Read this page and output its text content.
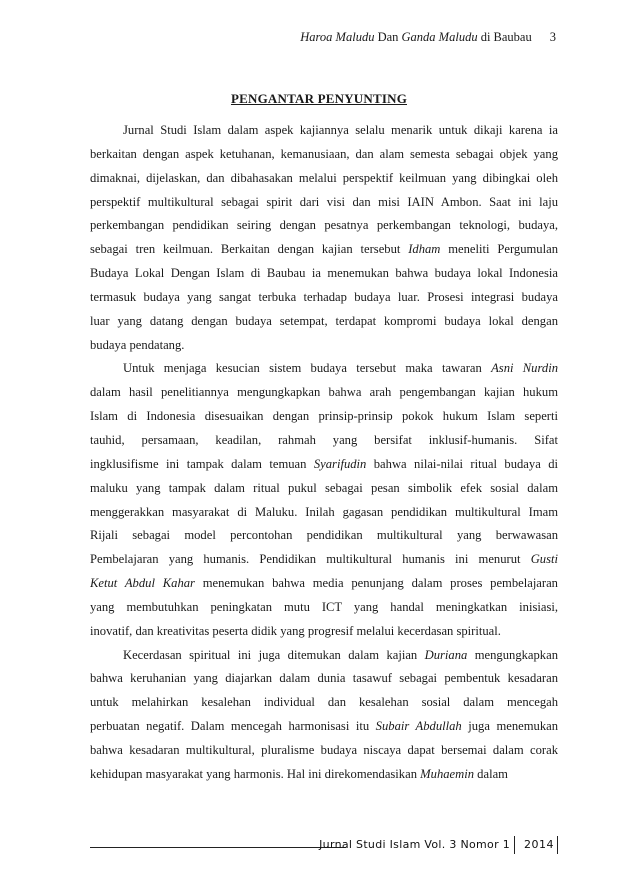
Haroa Maludu Dan Ganda Maludu di Baubau 3
PENGANTAR PENYUNTING
Jurnal Studi Islam dalam aspek kajiannya selalu menarik untuk dikaji karena ia
berkaitan dengan aspek ketuhanan, kemanusiaan, dan alam semesta sebagai objek yang
dimaknai, dijelaskan, dan dibahasakan melalui perspektif keilmuan yang dibingkai oleh
perspektif multikultural sebagai spirit dari visi dan misi IAIN Ambon. Saat ini laju
perkembangan pendidikan seiring dengan pesatnya perkembangan teknologi, budaya,
sebagai tren keilmuan. Berkaitan dengan kajian tersebut Idham meneliti Pergumulan
Budaya Lokal Dengan Islam di Baubau ia menemukan bahwa budaya lokal Indonesia
termasuk budaya yang sangat terbuka terhadap budaya luar. Prosesi integrasi budaya
luar yang datang dengan budaya setempat, terdapat kompromi budaya lokal dengan
budaya pendatang.
Untuk menjaga kesucian sistem budaya tersebut maka tawaran Asni Nurdin
dalam hasil penelitiannya mengungkapkan bahwa arah pengembangan kajian hukum
Islam di Indonesia disesuaikan dengan prinsip-prinsip pokok hukum Islam seperti
tauhid, persamaan, keadilan, rahmah yang bersifat inklusif-humanis. Sifat
ingklusifisme ini tampak dalam temuan Syarifudin bahwa nilai-nilai ritual budaya di
maluku yang tampak dalam ritual pukul sebagai pesan simbolik efek sosial dalam
menggerakkan masyarakat di Maluku. Inilah gagasan pendidikan multikultural Imam
Rijali sebagai model percontohan pendidikan multikultural yang berwawasan
Pembelajaran yang humanis. Pendidikan multikultural humanis ini menurut Gusti
Ketut Abdul Kahar menemukan bahwa media penunjang dalam proses pembelajaran
yang membutuhkan peningkatan mutu ICT yang handal meningkatkan inisiasi,
inovatif, dan kreativitas peserta didik yang progresif melalui kecerdasan spiritual.
Kecerdasan spiritual ini juga ditemukan dalam kajian Duriana mengungkapkan
bahwa keruhanian yang diajarkan dalam dunia tasawuf sebagai pembentuk kesadaran
untuk melahirkan kesalehan individual dan kesalehan sosial dalam mencegah
perbuatan negatif. Dalam mencegah harmonisasi itu Subair Abdullah juga menemukan
bahwa kesadaran multikultural, pluralisme budaya niscaya dapat bersemai dalam corak
kehidupan masyarakat yang harmonis. Hal ini direkomendasikan Muhaemin dalam
Jurnal Studi Islam Vol. 3 Nomor 1 2014
